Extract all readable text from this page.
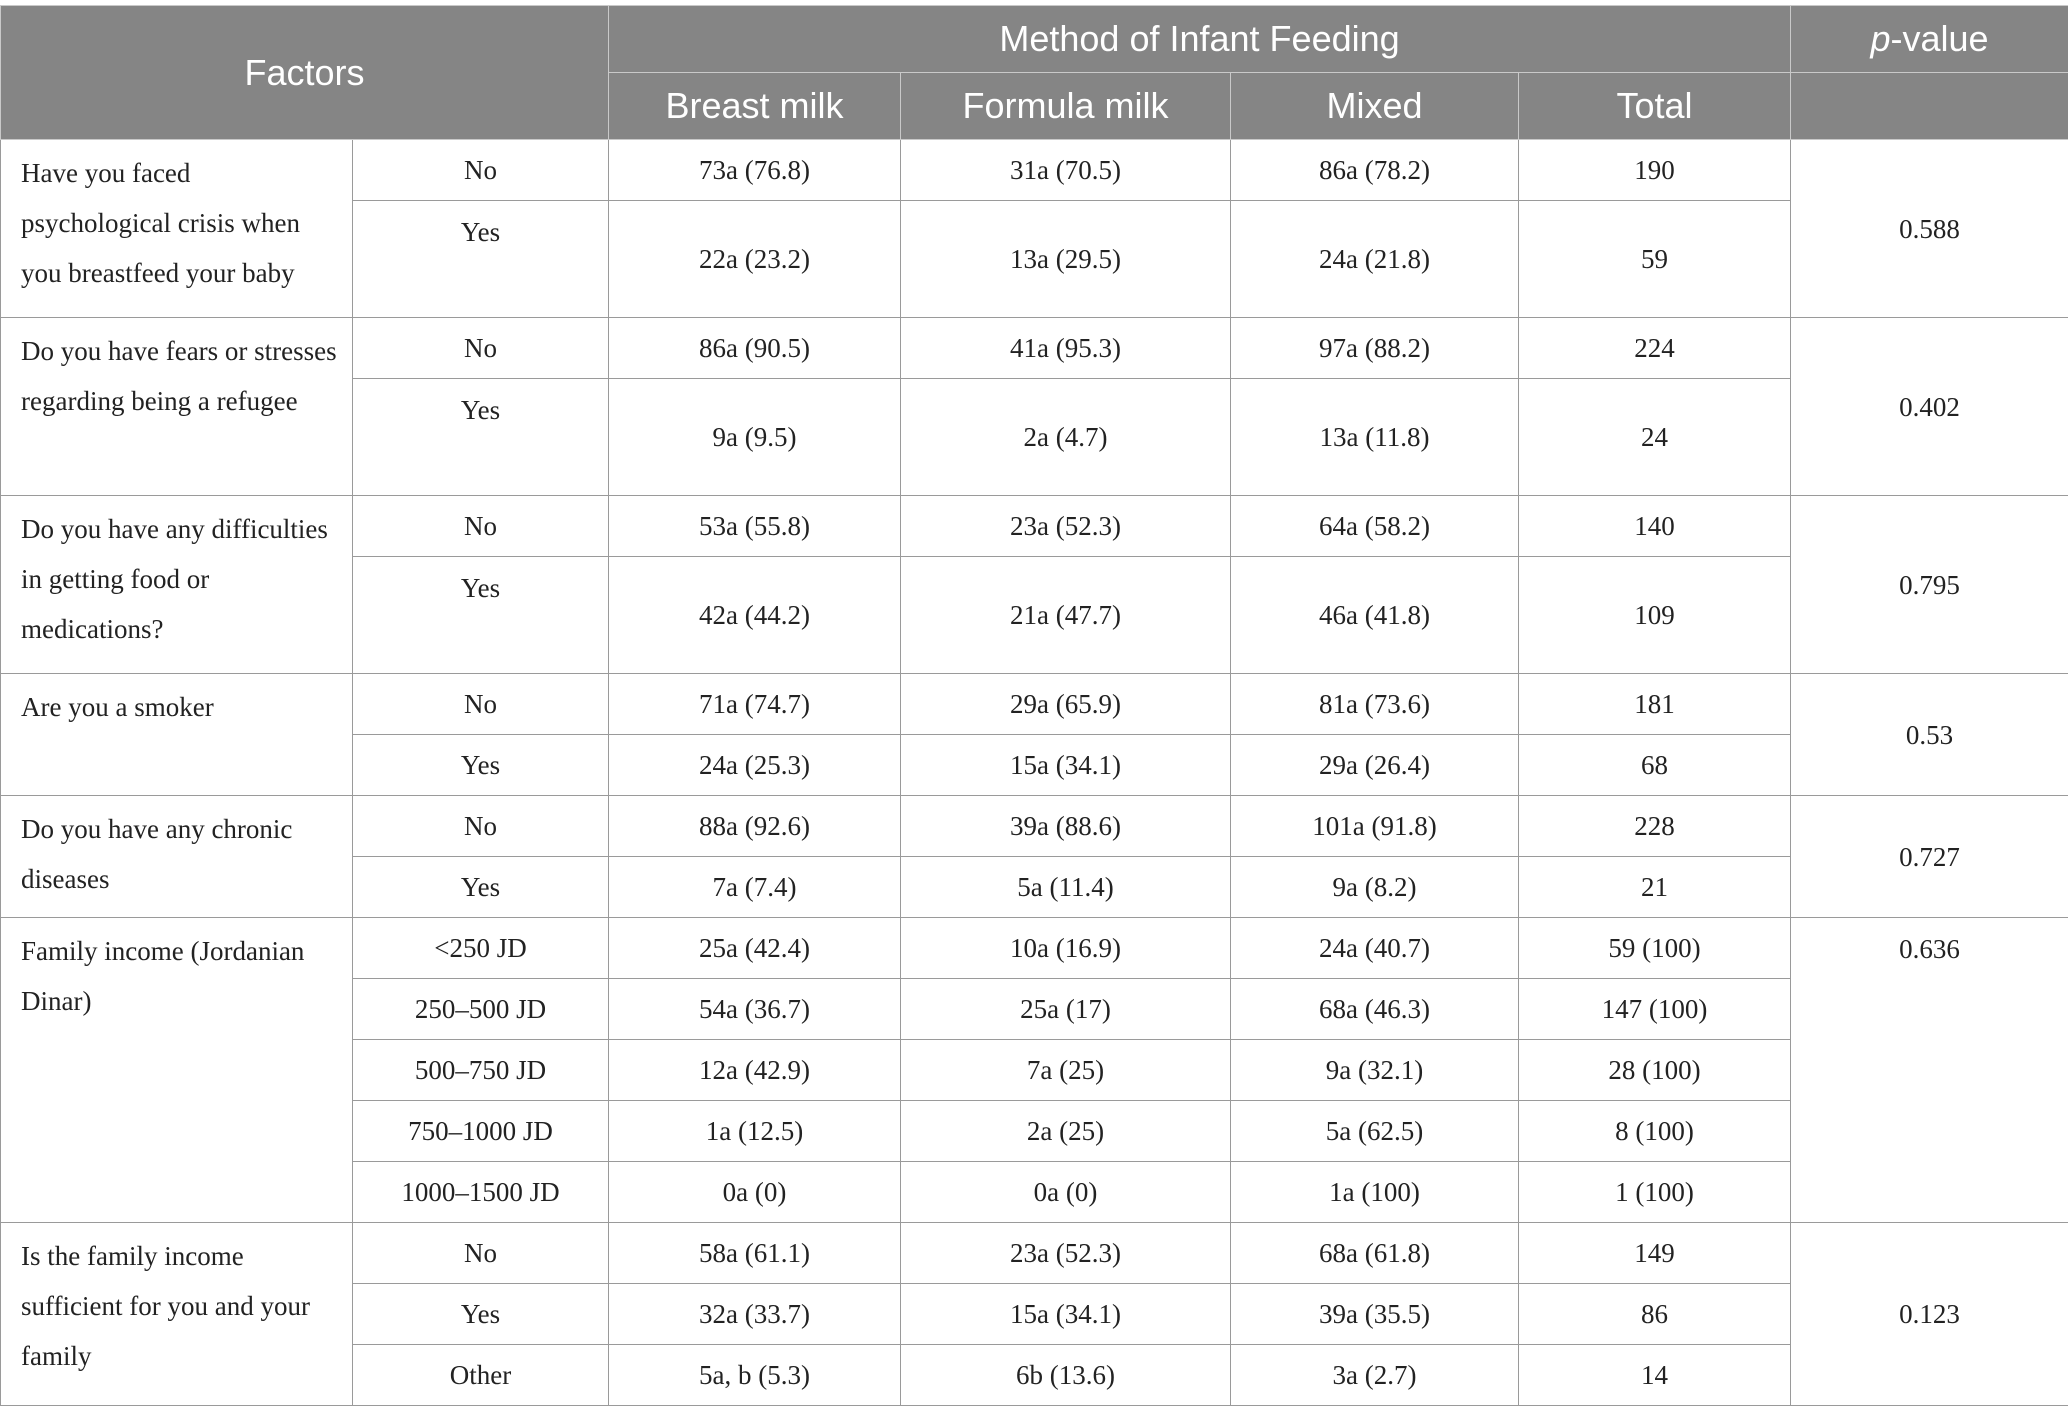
Factors		Method of Infant Feeding				p-value
		Breast milk	Formula milk	Mixed	Total	
Have you faced psychological crisis when you breastfeed your baby	No	73a (76.8)	31a (70.5)	86a (78.2)	190	0.588
	Yes	22a (23.2)	13a (29.5)	24a (21.8)	59	
Do you have fears or stresses regarding being a refugee	No	86a (90.5)	41a (95.3)	97a (88.2)	224	0.402
	Yes	9a (9.5)	2a (4.7)	13a (11.8)	24	
Do you have any difficulties in getting food or medications?	No	53a (55.8)	23a (52.3)	64a (58.2)	140	0.795
	Yes	42a (44.2)	21a (47.7)	46a (41.8)	109	
Are you a smoker	No	71a (74.7)	29a (65.9)	81a (73.6)	181	0.53
	Yes	24a (25.3)	15a (34.1)	29a (26.4)	68	
Do you have any chronic diseases	No	88a (92.6)	39a (88.6)	101a (91.8)	228	0.727
	Yes	7a (7.4)	5a (11.4)	9a (8.2)	21	
Family income (Jordanian Dinar)	<250 JD	25a (42.4)	10a (16.9)	24a (40.7)	59 (100)	0.636
	250–500 JD	54a (36.7)	25a (17)	68a (46.3)	147 (100)	
	500–750 JD	12a (42.9)	7a (25)	9a (32.1)	28 (100)	
	750–1000 JD	1a (12.5)	2a (25)	5a (62.5)	8 (100)	
	1000–1500 JD	0a (0)	0a (0)	1a (100)	1 (100)	
Is the family income sufficient for you and your family	No	58a (61.1)	23a (52.3)	68a (61.8)	149	0.123
	Yes	32a (33.7)	15a (34.1)	39a (35.5)	86	
	Other	5a, b (5.3)	6b (13.6)	3a (2.7)	14	
